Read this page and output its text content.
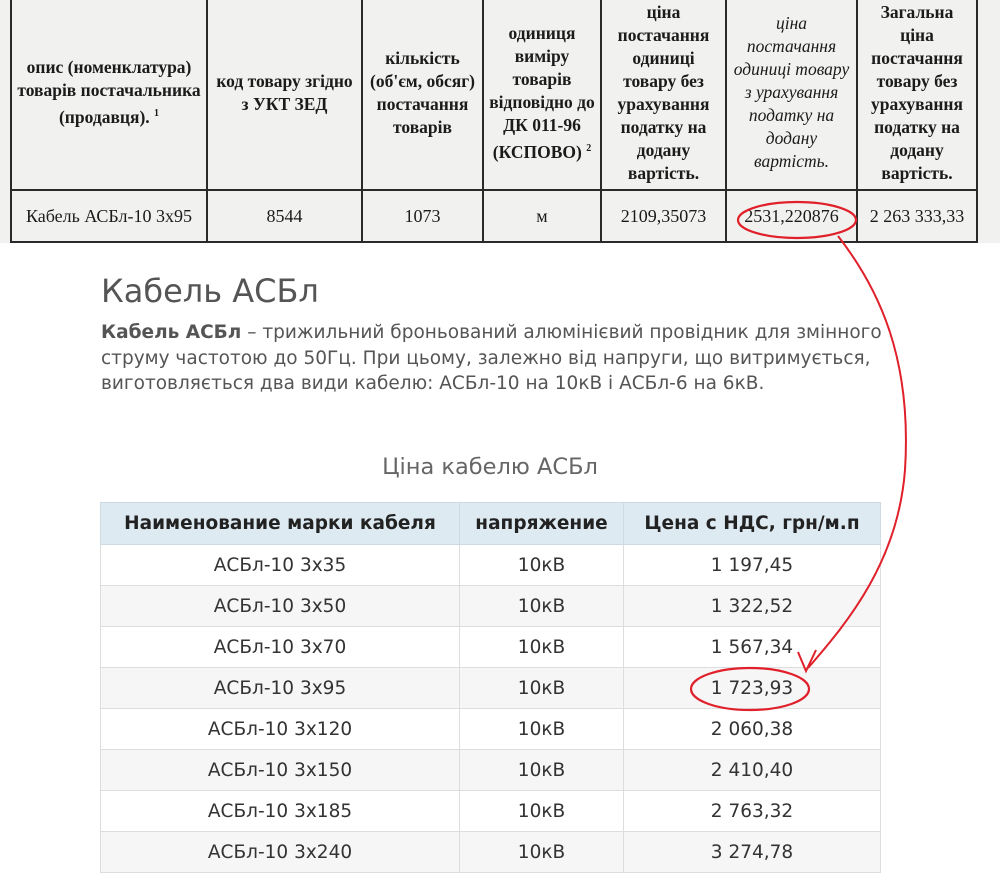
опис (номенклатура) товарів постачальника (продавця). $^1$	код товару згідно з УКТ ЗЕД	кількість (об'єм, обсяг) постачання товарів	одиниця виміру товарів відповідно до ДК 011-96 (КСПОВО) $^2$	ціна постачання одиниці товару без урахування податку на додану вартість.	ціна постачання одиниці товару з урахування податку на додану вартість.	Загальна ціна постачання товару без урахування податку на додану вартість.
Кабель АСБл-10 3х95	8544	1073	м	2109,35073	2531,220876	2 263 333,33
Кабель АСБл

Кабель АСБл – трижильний броньований алюмінієвий провідник для змінного струму частотою до 50Гц. При цьому, залежно від напруги, що витримується, виготовляється два види кабелю: АСБл-10 на 10кВ і АСБл-6 на 6кВ.

Ціна кабелю АСБл
Наименование марки кабеля	напряжение	Цена с НДС, грн/м.п
АСБл-10 3х35	10кВ	1 197,45
АСБл-10 3х50	10кВ	1 322,52
АСБл-10 3х70	10кВ	1 567,34
АСБл-10 3х95	10кВ	1 723,93
АСБл-10 3х120	10кВ	2 060,38
АСБл-10 3х150	10кВ	2 410,40
АСБл-10 3х185	10кВ	2 763,32
АСБл-10 3х240	10кВ	3 274,78
